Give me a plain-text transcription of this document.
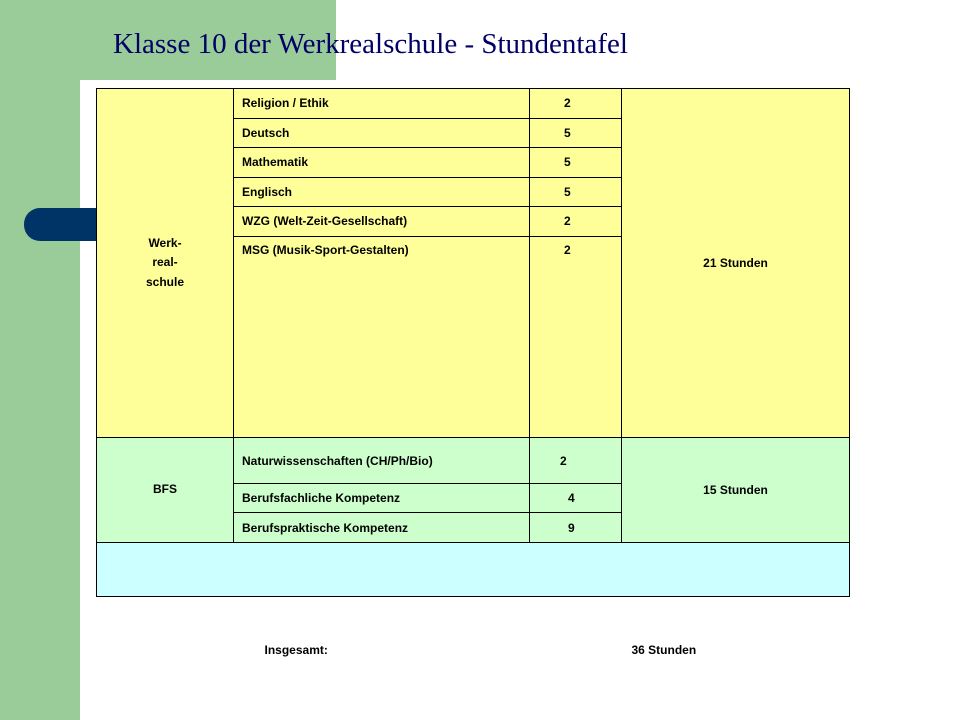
Klasse 10 der Werkrealschule - Stundentafel
Werk-
real-
schule	Religion / Ethik	2	21 Stunden
	Deutsch	5	
	Mathematik	5	
	Englisch	5	
	WZG (Welt-Zeit-Gesellschaft)	2	
	MSG (Musik-Sport-Gestalten)	2	

BFS	Naturwissenschaften (CH/Ph/Bio)	2	15 Stunden
	Berufsfachliche Kompetenz	4	
	Berufspraktische Kompetenz	9	

Insgesamt: 36 Stunden			
